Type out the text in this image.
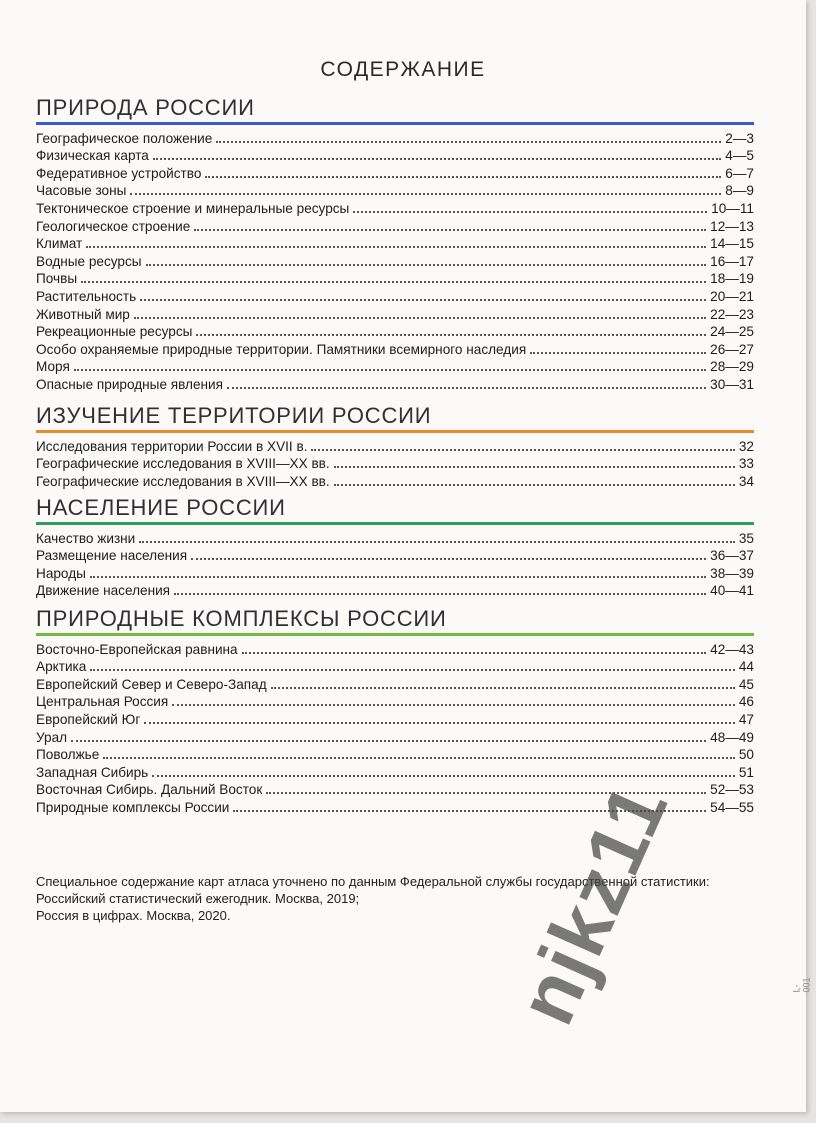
СОДЕРЖАНИЕ
ПРИРОДА РОССИИ
Географическое положение	2—3
Физическая карта	4—5
Федеративное устройство	6—7
Часовые зоны	8—9
Тектоническое строение и минеральные ресурсы	10—11
Геологическое строение	12—13
Климат	14—15
Водные ресурсы	16—17
Почвы	18—19
Растительность	20—21
Животный мир	22—23
Рекреационные ресурсы	24—25
Особо охраняемые природные территории. Памятники всемирного наследия	26—27
Моря	28—29
Опасные природные явления	30—31
ИЗУЧЕНИЕ ТЕРРИТОРИИ РОССИИ
Исследования территории России в XVII в.	32
Географические исследования в XVIII—XX вв.	33
Географические исследования в XVIII—XX вв.	34
НАСЕЛЕНИЕ РОССИИ
Качество жизни	35
Размещение населения	36—37
Народы	38—39
Движение населения	40—41
ПРИРОДНЫЕ КОМПЛЕКСЫ РОССИИ
Восточно-Европейская равнина	42—43
Арктика	44
Европейский Север и Северо-Запад	45
Центральная Россия	46
Европейский Юг	47
Урал	48—49
Поволжье	50
Западная Сибирь	51
Восточная Сибирь. Дальний Восток	52—53
Природные комплексы России	54—55
Специальное содержание карт атласа уточнено по данным Федеральной службы государственной статистики:
Российский статистический ежегодник. Москва, 2019;
Россия в цифрах. Москва, 2020.
L-001
njkz11
